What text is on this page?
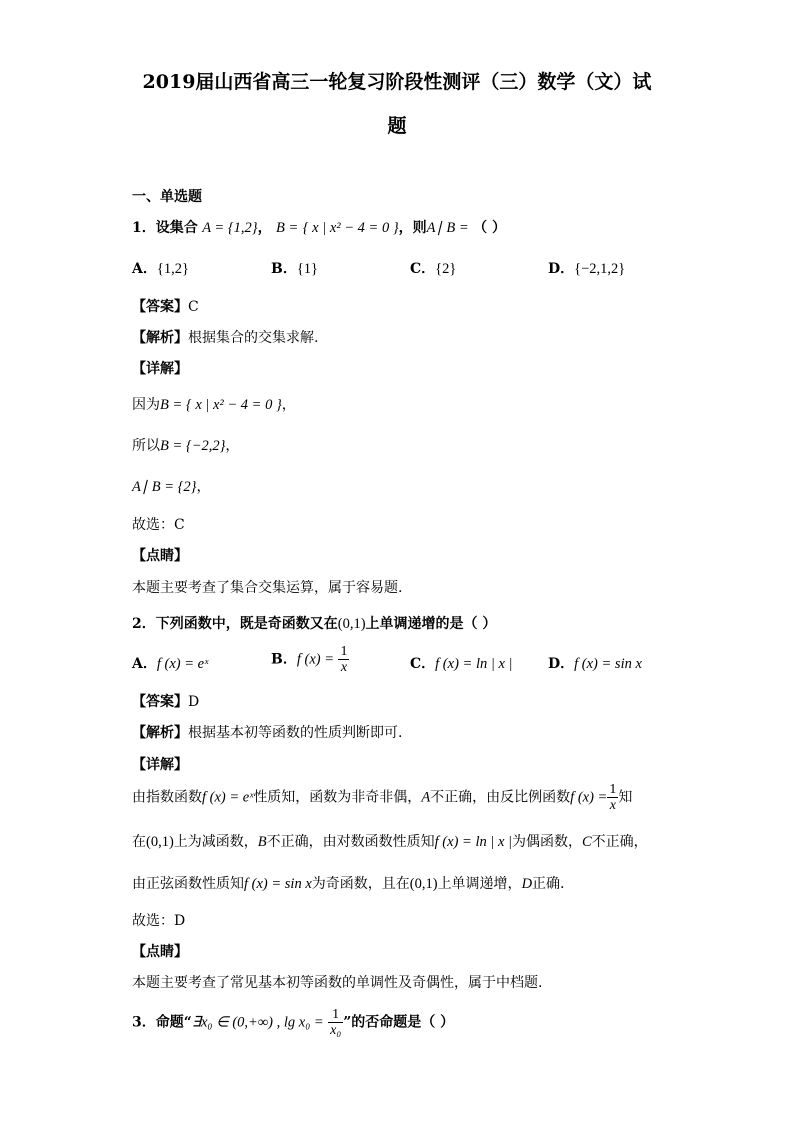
2019届山西省高三一轮复习阶段性测评（三）数学（文）试
题
一、单选题
1．设集合 A = {1,2}， B = { x | x² − 4 = 0 }，则A∣ B = （ ）
A．{1,2}	B．{1}	C．{2}	D．{−2,1,2}
【答案】C
【解析】根据集合的交集求解.
【详解】
因为B = { x | x² − 4 = 0 }，
所以B = {−2,2}，
A∣ B = {2}，
故选：C
【点睛】
本题主要考查了集合交集运算，属于容易题.
2．下列函数中，既是奇函数又在(0,1)上单调递增的是（ ）
A．f (x) = eˣ	B．f $(x) = \frac{1}{x}$	C．f (x) = ln | x |	D．f (x) = sin x
【答案】D
【解析】根据基本初等函数的性质判断即可.
【详解】
由指数函数f (x) = eˣ性质知，函数为非奇非偶，A不正确，由反比例函数f $(x) = \frac{1}{x}$ 知
在(0,1)上为减函数，B不正确，由对数函数性质知f (x) = ln | x |为偶函数，C不正确，
由正弦函数性质知f (x) = sin x为奇函数，且在(0,1)上单调递增，D正确.
故选：D
【点睛】
本题主要考查了常见基本初等函数的单调性及奇偶性，属于中档题.
3．命题“∃x₀ ∈ (0,+∞) , $\lg x_0 = \frac{1}{\text{x₀}}$ ”的否命题是（ ）
